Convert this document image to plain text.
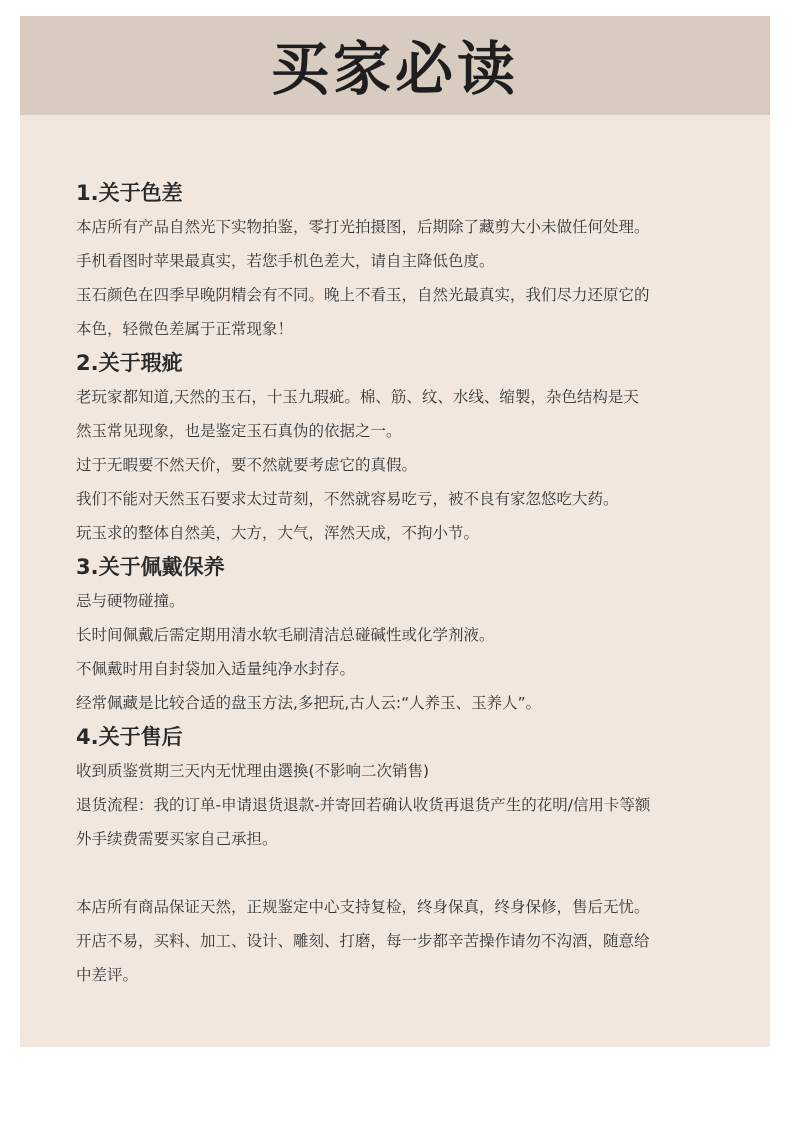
买家必读
1.关于色差
本店所有产品自然光下实物拍鉴，零打光拍摄图，后期除了藏剪大小未做任何处理。
手机看图时苹果最真实，若您手机色差大，请自主降低色度。
玉石颜色在四季早晚阴精会有不同。晚上不看玉，自然光最真实，我们尽力还原它的
本色，轻微色差属于正常现象！
2.关于瑕疵
老玩家都知道,天然的玉石，十玉九瑕疵。棉、筋、纹、水线、缩製，杂色结构是天
然玉常见现象，也是鉴定玉石真伪的依据之一。
过于无暇要不然天价，要不然就要考虑它的真假。
我们不能对天然玉石要求太过苛刻，不然就容易吃亏，被不良有家忽悠吃大药。
玩玉求的整体自然美，大方，大气，浑然天成，不拘小节。
3.关于佩戴保养
忌与硬物碰撞。
长时间佩戴后需定期用清水软毛刷清洁总碰碱性或化学剂液。
不佩戴时用自封袋加入适量纯净水封存。
经常佩藏是比较合适的盘玉方法,多把玩,古人云:“人养玉、玉养人”。
4.关于售后
收到质鉴赏期三天内无忧理由選換(不影响二次销售)
退货流程：我的订单-申请退货退款-并寄回若确认收货再退货产生的花明/信用卡等额
外手续费需要买家自己承担。
本店所有商品保证天然，正规鉴定中心支持复检，终身保真，终身保修，售后无忧。
开店不易，买料、加工、设计、雕刻、打磨，每一步都辛苦操作请勿不沟酒，随意给
中差评。
